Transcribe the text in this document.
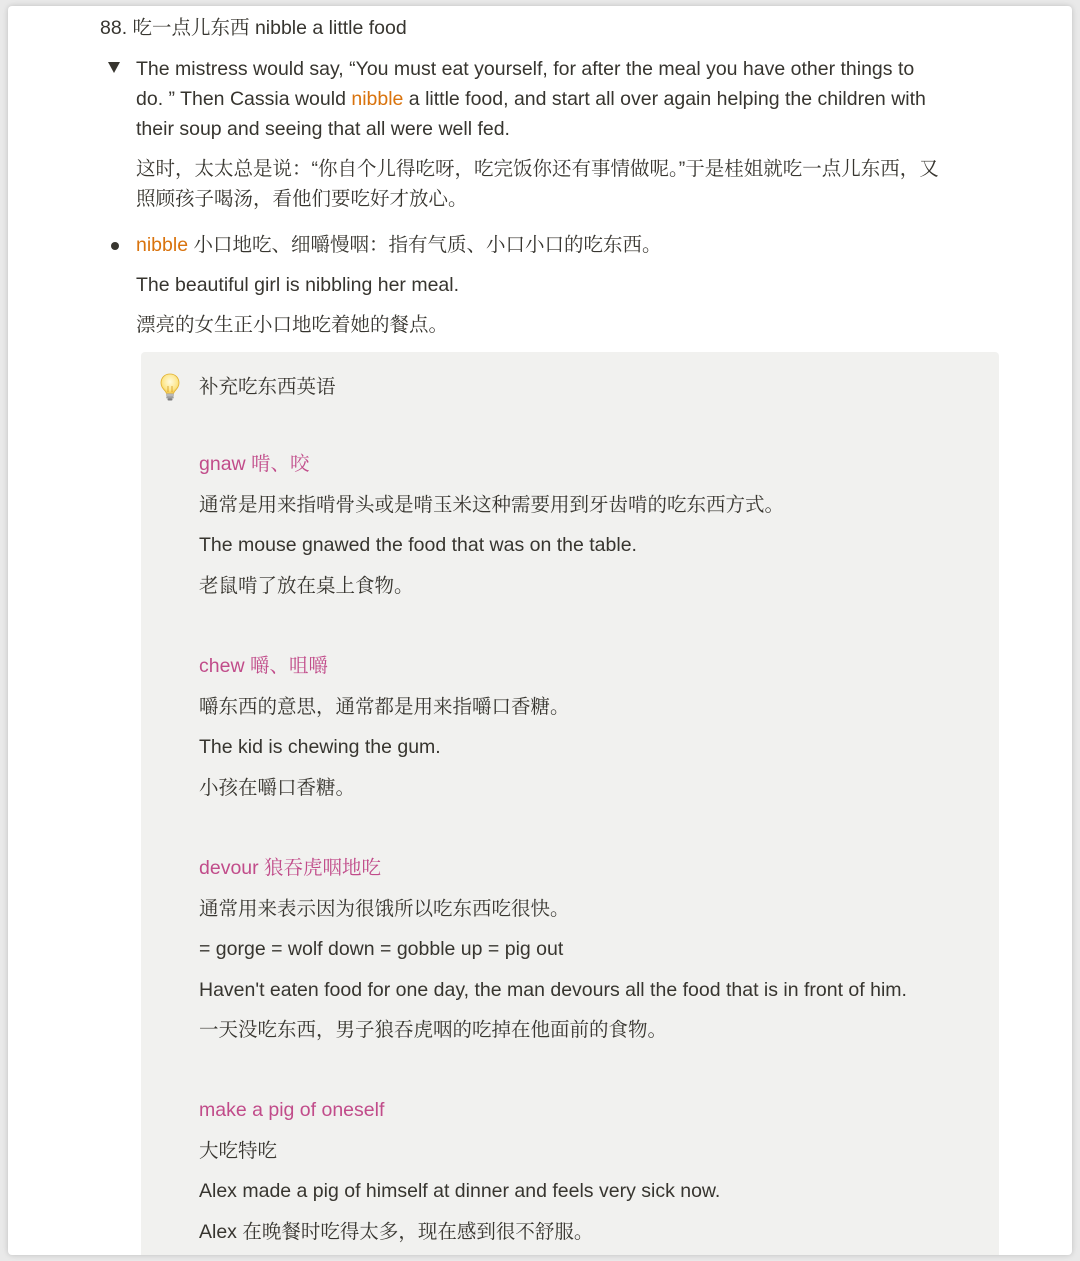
88. 吃一点儿东西 nibble a little food
The mistress would say, “You must eat yourself, for after the meal you have other things to
do. ” Then Cassia would nibble a little food, and start all over again helping the children with
their soup and seeing that all were well fed.
这时，太太总是说：“你自个儿得吃呀，吃完饭你还有事情做呢。”于是桂姐就吃一点儿东西，又
照顾孩子喝汤，看他们要吃好才放心。
nibble 小口地吃、细嚼慢咽：指有气质、小口小口的吃东西。
The beautiful girl is nibbling her meal.
漂亮的女生正小口地吃着她的餐点。
补充吃东西英语
gnaw 啃、咬
通常是用来指啃骨头或是啃玉米这种需要用到牙齿啃的吃东西方式。
The mouse gnawed the food that was on the table.
老鼠啃了放在桌上食物。
chew 嚼、咀嚼
嚼东西的意思，通常都是用来指嚼口香糖。
The kid is chewing the gum.
小孩在嚼口香糖。
devour 狼吞虎咽地吃
通常用来表示因为很饿所以吃东西吃很快。
= gorge = wolf down = gobble up = pig out
Haven't eaten food for one day, the man devours all the food that is in front of him.
一天没吃东西，男子狼吞虎咽的吃掉在他面前的食物。
make a pig of oneself
大吃特吃
Alex made a pig of himself at dinner and feels very sick now.
Alex 在晚餐时吃得太多，现在感到很不舒服。
